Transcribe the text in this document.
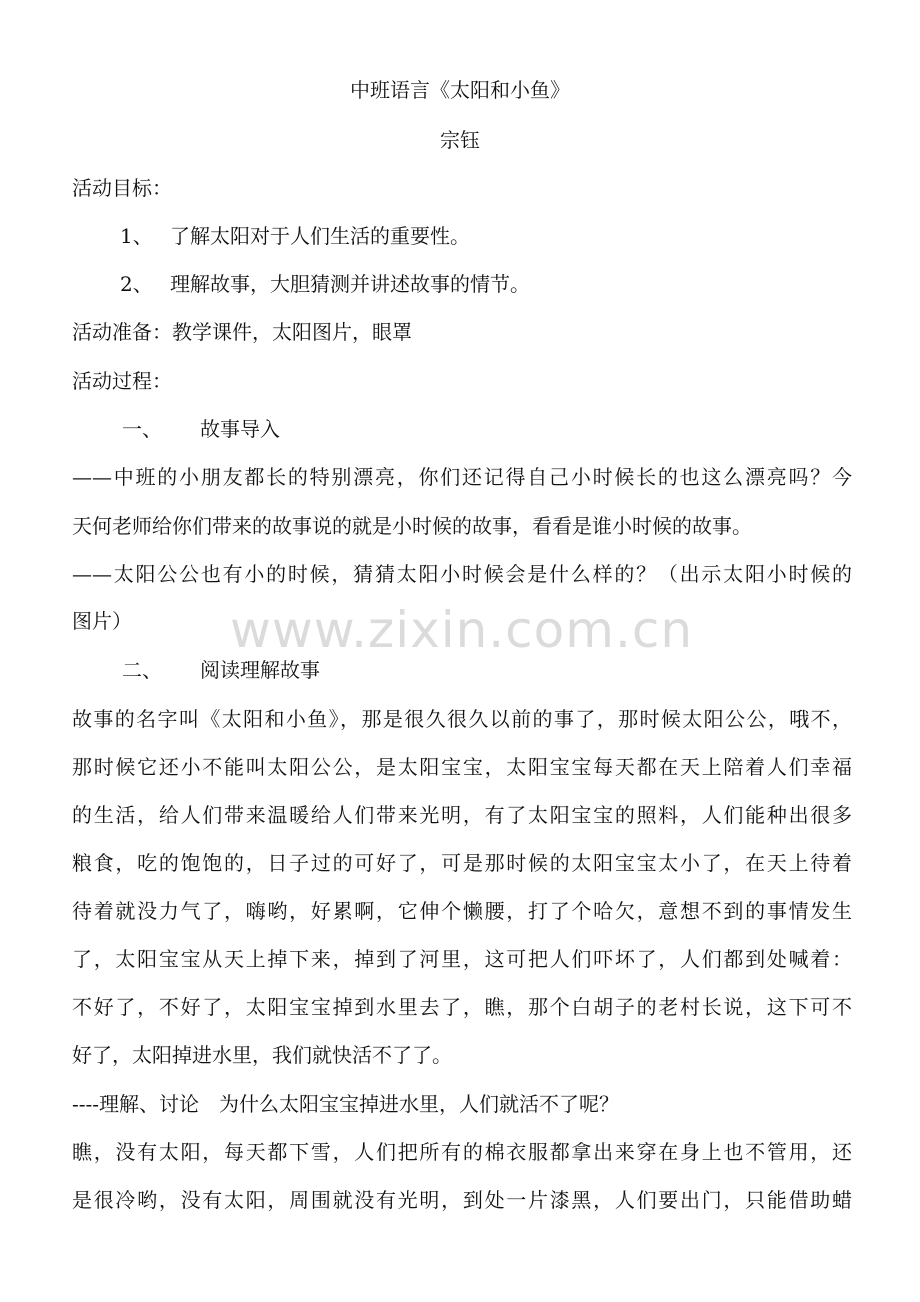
中班语言《太阳和小鱼》
宗钰
活动目标：
1、 了解太阳对于人们生活的重要性。
2、 理解故事，大胆猜测并讲述故事的情节。
活动准备：教学课件，太阳图片，眼罩
活动过程：
一、 故事导入
——中班的小朋友都长的特别漂亮，你们还记得自己小时候长的也这么漂亮吗？今
天何老师给你们带来的故事说的就是小时候的故事，看看是谁小时候的故事。
——太阳公公也有小的时候，猜猜太阳小时候会是什么样的？（出示太阳小时候的
图片）
二、 阅读理解故事
故事的名字叫《太阳和小鱼》，那是很久很久以前的事了，那时候太阳公公，哦不，
那时候它还小不能叫太阳公公，是太阳宝宝，太阳宝宝每天都在天上陪着人们幸福
的生活，给人们带来温暖给人们带来光明，有了太阳宝宝的照料，人们能种出很多
粮食，吃的饱饱的，日子过的可好了，可是那时候的太阳宝宝太小了，在天上待着
待着就没力气了，嗨哟，好累啊，它伸个懒腰，打了个哈欠，意想不到的事情发生
了，太阳宝宝从天上掉下来，掉到了河里，这可把人们吓坏了，人们都到处喊着：
不好了，不好了，太阳宝宝掉到水里去了，瞧，那个白胡子的老村长说，这下可不
好了，太阳掉进水里，我们就快活不了了。
----理解、讨论　为什么太阳宝宝掉进水里，人们就活不了呢？
瞧，没有太阳，每天都下雪，人们把所有的棉衣服都拿出来穿在身上也不管用，还
是很冷哟，没有太阳，周围就没有光明，到处一片漆黑，人们要出门，只能借助蜡
www.zixin.com.cn
